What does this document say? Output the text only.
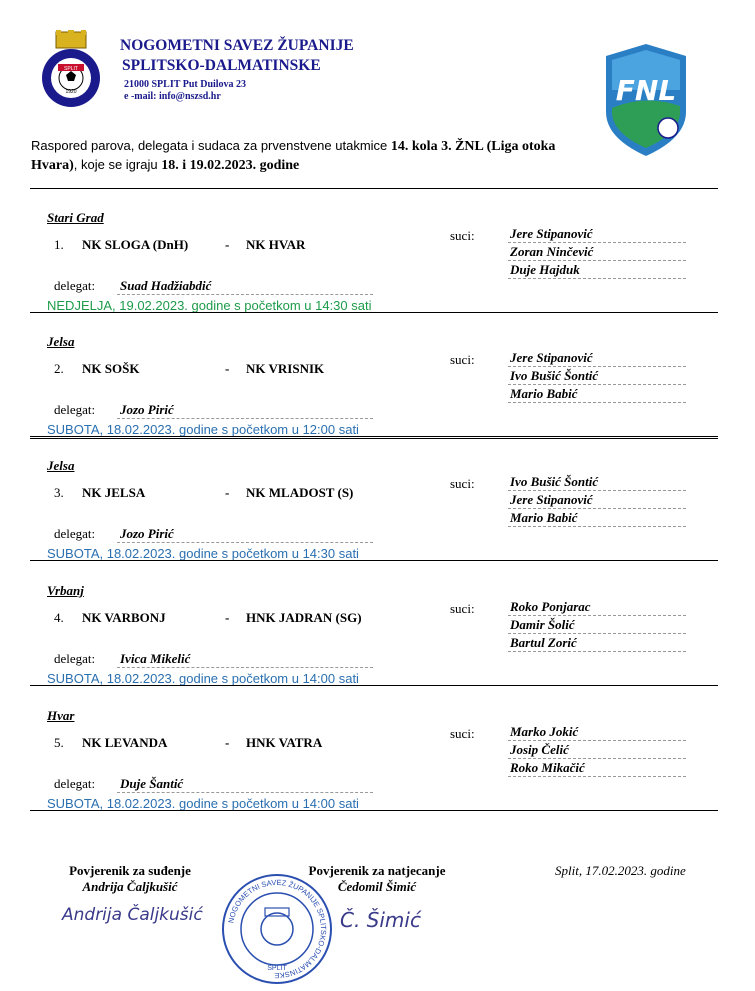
SPLIT
1920
NOGOMETNI SAVEZ ŽUPANIJE
SPLITSKO-DALMATINSKE
21000 SPLIT Put Duilova 23
e -mail: info@nszsd.hr	FNL
Raspored parova, delegata i sudaca za prvenstvene utakmice 14. kola 3. ŽNL (Liga otoka Hvara), koje se igraju 18. i 19.02.2023. godine
Stari Grad
1. NK SLOGA (DnH)	- NK HVAR
suci:	Jere Stipanović
Zoran Ninčević
Duje Hajduk
delegat: Suad Hadžiabdić
NEDJELJA, 19.02.2023. godine s početkom u 14:30 sati
Jelsa
2. NK SOŠK	- NK VRISNIK
suci:	Jere Stipanović
Ivo Bušić Šontić
Mario Babić
delegat: Jozo Pirić
SUBOTA, 18.02.2023. godine s početkom u 12:00 sati
Jelsa
3. NK JELSA	- NK MLADOST (S)
suci:	Ivo Bušić Šontić
Jere Stipanović
Mario Babić
delegat: Jozo Pirić
SUBOTA, 18.02.2023. godine s početkom u 14:30 sati
Vrbanj
4. NK VARBONJ	- HNK JADRAN (SG)
suci:	Roko Ponjarac
Damir Šolić
Bartul Zorić
delegat: Ivica Mikelić
SUBOTA, 18.02.2023. godine s početkom u 14:00 sati
Hvar
5. NK LEVANDA	- HNK VATRA
suci:	Marko Jokić
Josip Čelić
Roko Mikačić
delegat: Duje Šantić
SUBOTA, 18.02.2023. godine s početkom u 14:00 sati
Povjerenik za suđenje
Andrija Čaljkušić
Andrija Čaljkušić
Povjerenik za natjecanje
Čedomil Šimić
Č. Šimić
NOGOMETNI SAVEZ ŽUPANIJE SPLITSKO-DALMATINSKE
SPLIT
Split, 17.02.2023. godine
